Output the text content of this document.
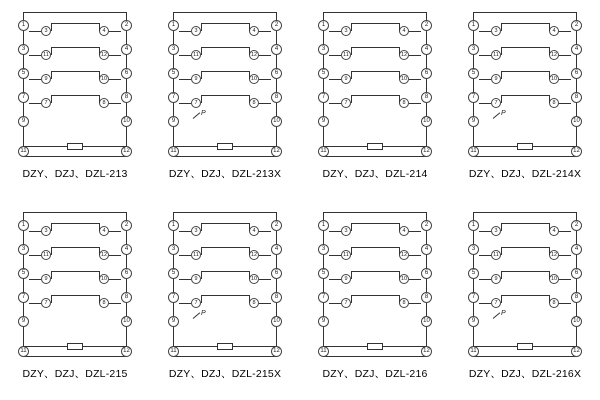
1
3
5
7
9
11
2
4
6
8
10
12
3	4
11	12
9	10
7	8
DZY、DZJ、DZL-213
1
3
5
7
9
11
2
4
6
8
10
12
3	4
11	12
9	10
7	8
P
DZY、DZJ、DZL-213X
1
3
5
7
9
11
2
4
6
8
10
12
3	4
11	12
9	10
7	8
DZY、DZJ、DZL-214
1
3
5
7
9
11
2
4
6
8
10
12
3	4
11	12
9	10
7	8
P
DZY、DZJ、DZL-214X
1
3
5
7
9
11
2
4
6
8
10
12
3	4
11	12
9	10
7	8
DZY、DZJ、DZL-215
1
3
5
7
9
11
2
4
6
8
10
12
3	4
11	12
9	10
7	8
P
DZY、DZJ、DZL-215X
1
3
5
7
9
11
2
4
6
8
10
12
3	4
11	12
9	10
7	8
DZY、DZJ、DZL-216
1
3
5
7
9
11
2
4
6
8
10
12
3	4
11	12
9	10
7	8
P
DZY、DZJ、DZL-216X
